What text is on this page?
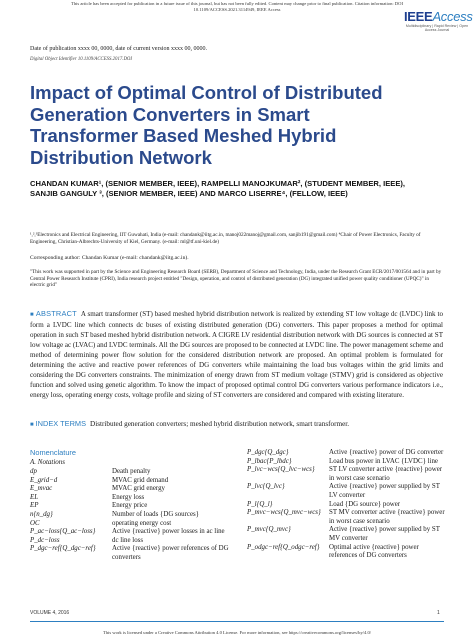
This article has been accepted for publication in a future issue of this journal, but has not been fully edited. Content may change prior to final publication. Citation information: DOI
10.1109/ACCESS.2021.3114949, IEEE Access	IEEEAccess
Multidisciplinary | Rapid Review | Open Access Journal
Date of publication xxxx 00, 0000, date of current version xxxx 00, 0000.
Digital Object Identifier 10.1109/ACCESS.2017.DOI
Impact of Optimal Control of Distributed Generation Converters in Smart Transformer Based Meshed Hybrid Distribution Network
CHANDAN KUMAR¹, (SENIOR MEMBER, IEEE), RAMPELLI MANOJKUMAR², (STUDENT MEMBER, IEEE), SANJIB GANGULY ³, (SENIOR MEMBER, IEEE) AND MARCO LISERRE⁴, (FELLOW, IEEE)
¹,²,³Electronics and Electrical Engineering, IIT Guwahati, India (e-mail: chandank@iitg.ac.in, manoj022manoj@gmail.com, sanjib191@gmail.com) ⁴Chair of Power Electronics, Faculty of Engineering, Christian-Albrechts-University of Kiel, Germany. (e-mail: ml@tf.uni-kiel.de)
Corresponding author: Chandan Kumar (e-mail: chandank@iitg.ac.in).
"This work was supported in part by the Science and Engineering Research Board (SERB), Department of Science and Technology, India, under the Research Grant ECR/2017/001564 and in part by Central Power Research Institute (CPRI), India research project entitled "Design, operation, and control of distributed generation (DG) integrated unified power quality conditioner (UPQC)" in electric grid"
■ ABSTRACT A smart transformer (ST) based meshed hybrid distribution network is realized by extending ST low voltage dc (LVDC) link to form a LVDC line which connects dc buses of existing distributed generation (DG) converters. This paper proposes a method for optimal operation in such ST based meshed hybrid distribution network. A CIGRE LV residential distribution network with DG sources is connected at ST low voltage ac (LVAC) and LVDC terminals. All the DG sources are proposed to be connected at LVDC line. The power management scheme and method of determining power flow solution for the considered distribution network are proposed. An optimal problem is formulated for determining the active and reactive power references of DG converters while maintaining the load bus voltages within the grid limits and considering the DG converters constraints. The minimization of energy drawn from ST medium voltage (STMV) grid is considered as objective function and solved using genetic algorithm. To know the impact of proposed optimal control DG converters various performance indicators i.e., energy loss, operating energy costs, voltage profile and sizing of ST converters are considered and compared with existing literature.
■ INDEX TERMS Distributed generation converters; meshed hybrid distribution network, smart transformer.
Nomenclature
A. Notations
dp	Death penalty
E_grid−d	MVAC grid demand
E_mvac	MVAC grid energy
EL	Energy loss
EP	Energy price
n{n_dg}	Number of loads {DG sources}
OC	operating energy cost
P_ac−loss{Q_ac−loss}	Active {reactive} power losses in ac line
P_dc−loss	dc line loss
P_dgc−ref{Q_dgc−ref}	Active {reactive} power references of DG converters
P_dgc{Q_dgc}	Active {reactive} power of DG converter
P_lbac{P_lbdc}	Load bus power in LVAC {LVDC} line
P_lvc−wcs{Q_lvc−wcs}	ST LV converter active {reactive} power in worst case scenario
P_lvc{Q_lvc}	Active {reactive} power supplied by ST LV converter
P_l{Q_l}	Load {DG source} power
P_mvc−wcs{Q_mvc−wcs}	ST MV converter active {reactive} power in worst case scenario
P_mvc{Q_mvc}	Active {reactive} power supplied by ST MV converter
P_odgc−ref{Q_odgc−ref}	Optimal active {reactive} power references of DG converters
VOLUME 4, 2016	1
This work is licensed under a Creative Commons Attribution 4.0 License. For more information, see https://creativecommons.org/licenses/by/4.0/
